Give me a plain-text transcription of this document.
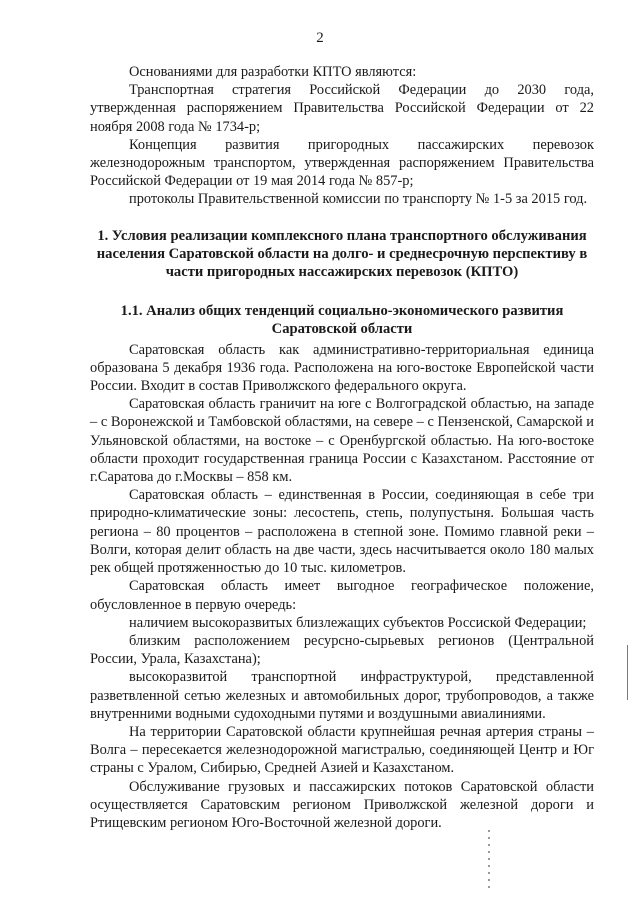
2

Основаниями для разработки КПТО являются:

Транспортная стратегия Российской Федерации до 2030 года, утвержденная распоряжением Правительства Российской Федерации от 22 ноября 2008 года № 1734-р;

Концепция развития пригородных пассажирских перевозок железнодорожным транспортом, утвержденная распоряжением Правительства Российской Федерации от 19 мая 2014 года № 857-р;

протоколы Правительственной комиссии по транспорту № 1-5 за 2015 год.

1. Условия реализации комплексного плана транспортного обслуживания населения Саратовской области на долго- и среднесрочную перспективу в части пригородных нассажирских перевозок (КПТО)

1.1. Анализ общих тенденций социально-экономического развития Саратовской области

Саратовская область как административно-территориальная единица образована 5 декабря 1936 года. Расположена на юго-востоке Европейской части России. Входит в состав Приволжского федерального округа.

Саратовская область граничит на юге с Волгоградской областью, на западе – с Воронежской и Тамбовской областями, на севере – с Пензенской, Самарской и Ульяновской областями, на востоке – с Оренбургской областью. На юго-востоке области проходит государственная граница России с Казахстаном. Расстояние от г.Саратова до г.Москвы – 858 км.

Саратовская область – единственная в России, соединяющая в себе три природно-климатические зоны: лесостепь, степь, полупустыня. Большая часть региона – 80 процентов – расположена в степной зоне. Помимо главной реки – Волги, которая делит область на две части, здесь насчитывается около 180 малых рек общей протяженностью до 10 тыс. километров.

Саратовская область имеет выгодное географическое положение, обусловленное в первую очередь:

наличием высокоразвитых близлежащих субъектов Россиской Федерации;

близким расположением ресурсно-сырьевых регионов (Центральной России, Урала, Казахстана);

высокоразвитой транспортной инфраструктурой, представленной разветвленной сетью железных и автомобильных дорог, трубопроводов, а также внутренними водными судоходными путями и воздушными авиалиниями.

На территории Саратовской области крупнейшая речная артерия страны – Волга – пересекается железнодорожной магистралью, соединяющей Центр и Юг страны с Уралом, Сибирью, Средней Азией и Казахстаном.

Обслуживание грузовых и пассажирских потоков Саратовской области осуществляется Саратовским регионом Приволжской железной дороги и Ртищевским регионом Юго-Восточной железной дороги.
